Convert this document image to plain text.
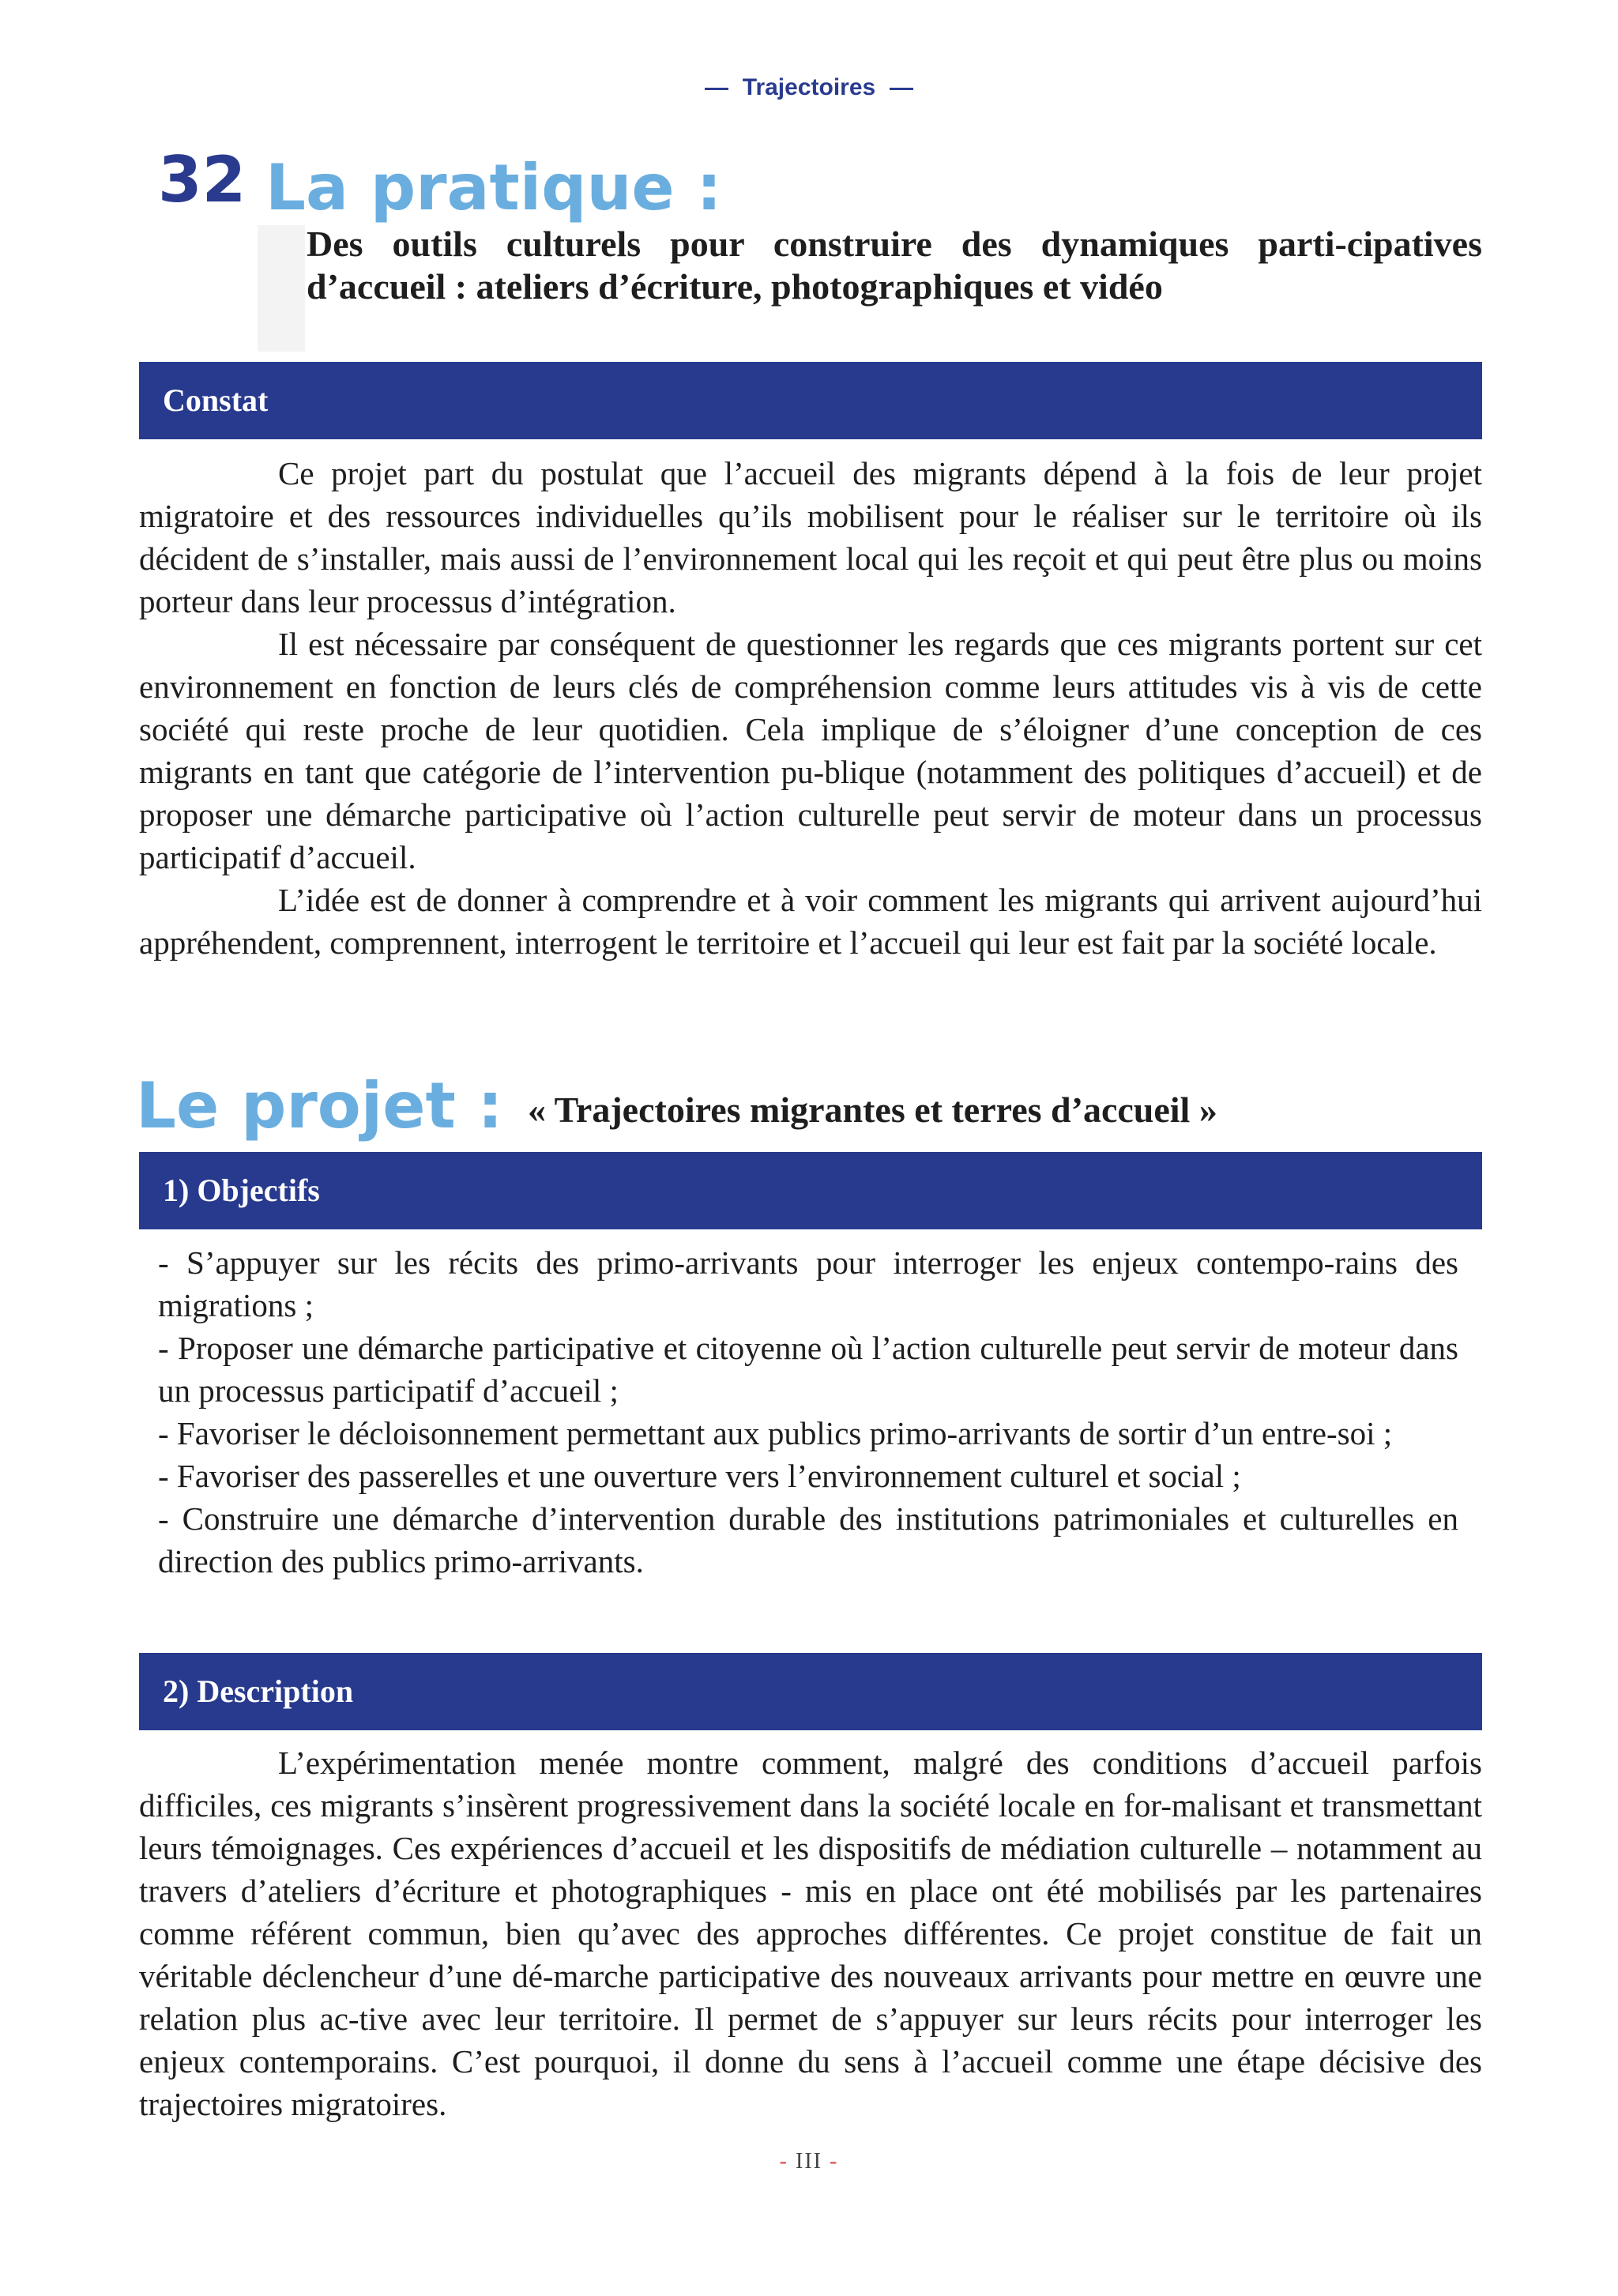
Trajectoires
32 La pratique :
Des outils culturels pour construire des dynamiques parti-cipatives d’accueil : ateliers d’écriture, photographiques et vidéo
Constat

Ce projet part du postulat que l’accueil des migrants dépend à la fois de leur projet migratoire et des ressources individuelles qu’ils mobilisent pour le réaliser sur le territoire où ils décident de s’installer, mais aussi de l’environnement local qui les reçoit et qui peut être plus ou moins porteur dans leur processus d’intégration.

Il est nécessaire par conséquent de questionner les regards que ces migrants portent sur cet environnement en fonction de leurs clés de compréhension comme leurs attitudes vis à vis de cette société qui reste proche de leur quotidien. Cela implique de s’éloigner d’une conception de ces migrants en tant que catégorie de l’intervention pu-blique (notamment des politiques d’accueil) et de proposer une démarche participative où l’action culturelle peut servir de moteur dans un processus participatif d’accueil.

L’idée est de donner à comprendre et à voir comment les migrants qui arrivent aujourd’hui appréhendent, comprennent, interrogent le territoire et l’accueil qui leur est fait par la société locale.

Le projet : « Trajectoires migrantes et terres d’accueil »
1) Objectifs
- S’appuyer sur les récits des primo-arrivants pour interroger les enjeux contempo-rains des migrations ;
- Proposer une démarche participative et citoyenne où l’action culturelle peut servir de moteur dans un processus participatif d’accueil ;
- Favoriser le décloisonnement permettant aux publics primo-arrivants de sortir d’un entre-soi ;
- Favoriser des passerelles et une ouverture vers l’environnement culturel et social ;
- Construire une démarche d’intervention durable des institutions patrimoniales et culturelles en direction des publics primo-arrivants.
2) Description

L’expérimentation menée montre comment, malgré des conditions d’accueil parfois difficiles, ces migrants s’insèrent progressivement dans la société locale en for-malisant et transmettant leurs témoignages. Ces expériences d’accueil et les dispositifs de médiation culturelle – notamment au travers d’ateliers d’écriture et photographiques - mis en place ont été mobilisés par les partenaires comme référent commun, bien qu’avec des approches différentes. Ce projet constitue de fait un véritable déclencheur d’une dé-marche participative des nouveaux arrivants pour mettre en œuvre une relation plus ac-tive avec leur territoire. Il permet de s’appuyer sur leurs récits pour interroger les enjeux contemporains. C’est pourquoi, il donne du sens à l’accueil comme une étape décisive des trajectoires migratoires.

- III -
